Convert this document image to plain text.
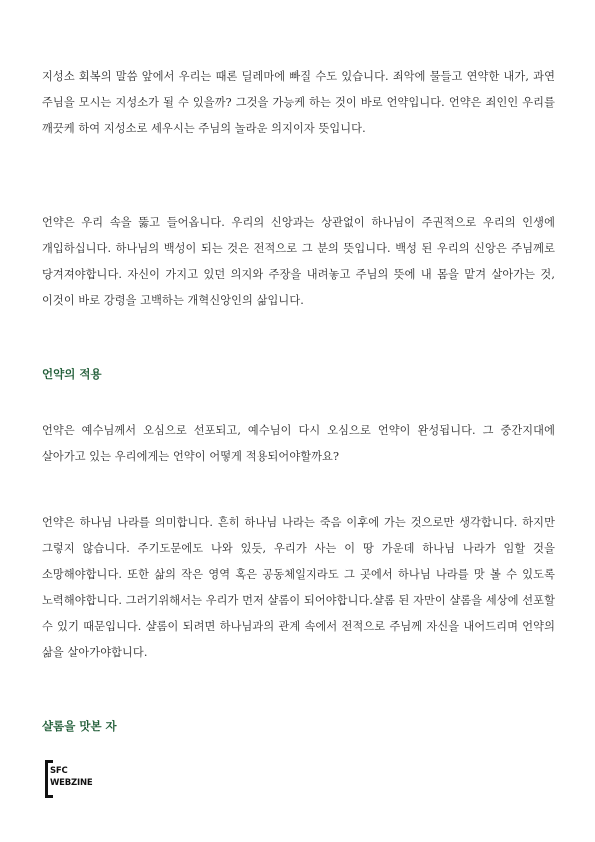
지성소 회복의 말씀 앞에서 우리는 때론 딜레마에 빠질 수도 있습니다. 죄악에 물들고 연약한 내가, 과연 주님을 모시는 지성소가 될 수 있을까? 그것을 가능케 하는 것이 바로 언약입니다. 언약은 죄인인 우리를 깨끗케 하여 지성소로 세우시는 주님의 놀라운 의지이자 뜻입니다.

언약은 우리 속을 뚫고 들어옵니다. 우리의 신앙과는 상관없이 하나님이 주권적으로 우리의 인생에 개입하십니다. 하나님의 백성이 되는 것은 전적으로 그 분의 뜻입니다. 백성 된 우리의 신앙은 주님께로 당겨져야합니다. 자신이 가지고 있던 의지와 주장을 내려놓고 주님의 뜻에 내 몸을 맡겨 살아가는 것, 이것이 바로 강령을 고백하는 개혁신앙인의 삶입니다.

언약의 적용

언약은 예수님께서 오심으로 선포되고, 예수님이 다시 오심으로 언약이 완성됩니다. 그 중간지대에 살아가고 있는 우리에게는 언약이 어떻게 적용되어야할까요?

언약은 하나님 나라를 의미합니다. 흔히 하나님 나라는 죽음 이후에 가는 것으로만 생각합니다. 하지만 그렇지 않습니다. 주기도문에도 나와 있듯, 우리가 사는 이 땅 가운데 하나님 나라가 임할 것을 소망해야합니다. 또한 삶의 작은 영역 혹은 공동체일지라도 그 곳에서 하나님 나라를 맛 볼 수 있도록 노력해야합니다. 그러기위해서는 우리가 먼저 샬롬이 되어야합니다.샬롬 된 자만이 샬롬을 세상에 선포할 수 있기 때문입니다. 샬롬이 되려면 하나님과의 관계 속에서 전적으로 주님께 자신을 내어드리며 언약의 삶을 살아가야합니다.

샬롬을 맛본 자
SFC
WEBZINE
